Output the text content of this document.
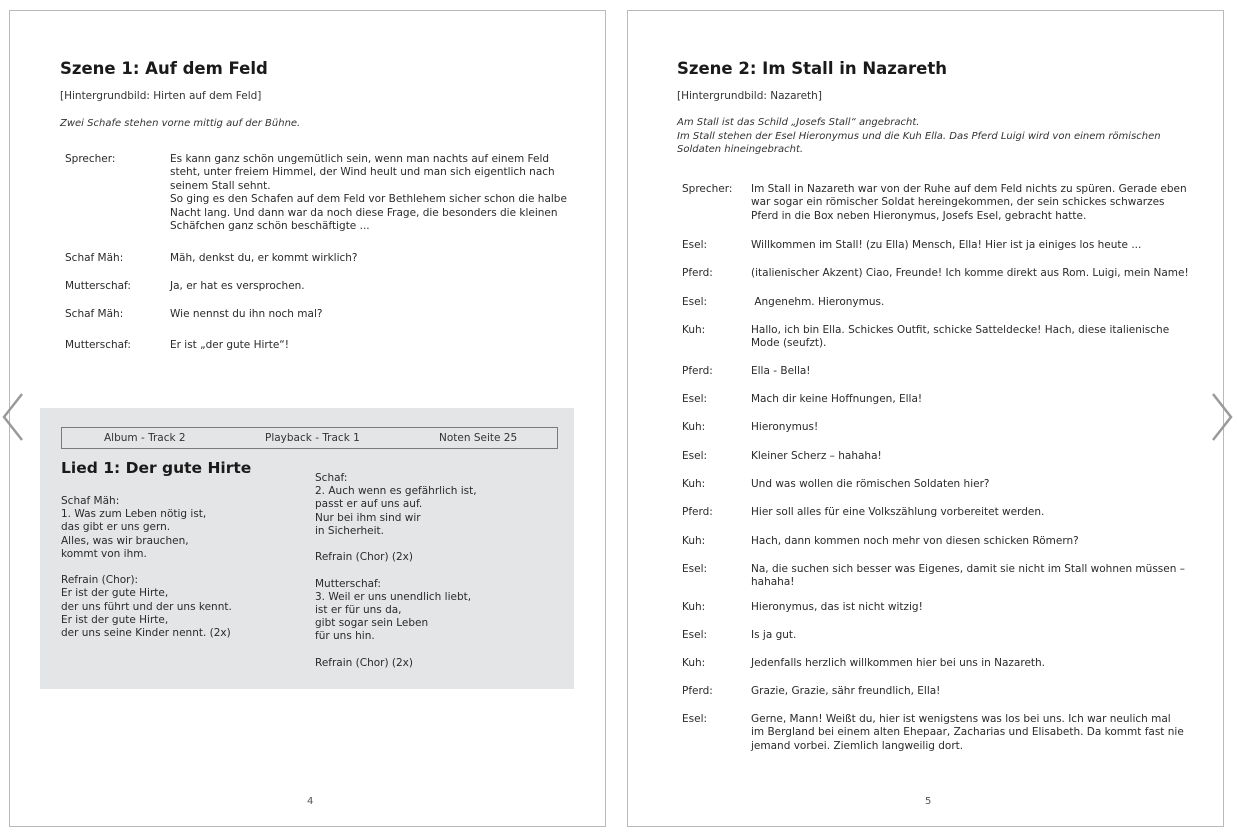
Szene 1: Auf dem Feld
[Hintergrundbild: Hirten auf dem Feld]
Zwei Schafe stehen vorne mittig auf der Bühne.
Sprecher:	Es kann ganz schön ungemütlich sein, wenn man nachts auf einem Feld
steht, unter freiem Himmel, der Wind heult und man sich eigentlich nach
seinem Stall sehnt.
So ging es den Schafen auf dem Feld vor Bethlehem sicher schon die halbe
Nacht lang. Und dann war da noch diese Frage, die besonders die kleinen
Schäfchen ganz schön beschäftigte ...
Schaf Mäh:	Mäh, denkst du, er kommt wirklich?
Mutterschaf:	Ja, er hat es versprochen.
Schaf Mäh:	Wie nennst du ihn noch mal?
Mutterschaf:	Er ist „der gute Hirte“!
Album - Track 2	Playback - Track 1	Noten Seite 25
Lied 1: Der gute Hirte
Schaf Mäh:
1. Was zum Leben nötig ist,
das gibt er uns gern.
Alles, was wir brauchen,
kommt von ihm.

Refrain (Chor):
Er ist der gute Hirte,
der uns führt und der uns kennt.
Er ist der gute Hirte,
der uns seine Kinder nennt. (2x)
Schaf:
2. Auch wenn es gefährlich ist,
passt er auf uns auf.
Nur bei ihm sind wir
in Sicherheit.

Refrain (Chor) (2x)

Mutterschaf:
3. Weil er uns unendlich liebt,
ist er für uns da,
gibt sogar sein Leben
für uns hin.

Refrain (Chor) (2x)
4
Szene 2: Im Stall in Nazareth
[Hintergrundbild: Nazareth]
Am Stall ist das Schild „Josefs Stall“ angebracht.
Im Stall stehen der Esel Hieronymus und die Kuh Ella. Das Pferd Luigi wird von einem römischen
Soldaten hineingebracht.
Sprecher: Im Stall in Nazareth war von der Ruhe auf dem Feld nichts zu spüren. Gerade eben
war sogar ein römischer Soldat hereingekommen, der sein schickes schwarzes
Pferd in die Box neben Hieronymus, Josefs Esel, gebracht hatte.
Esel:	Willkommen im Stall! (zu Ella) Mensch, Ella! Hier ist ja einiges los heute ...
Pferd:	(italienischer Akzent) Ciao, Freunde! Ich komme direkt aus Rom. Luigi, mein Name!
Esel:	Angenehm. Hieronymus.
Kuh:	Hallo, ich bin Ella. Schickes Outfit, schicke Satteldecke! Hach, diese italienische
Mode (seufzt).
Pferd:	Ella - Bella!
Esel:	Mach dir keine Hoffnungen, Ella!
Kuh:	Hieronymus!
Esel:	Kleiner Scherz – hahaha!
Kuh:	Und was wollen die römischen Soldaten hier?
Pferd:	Hier soll alles für eine Volkszählung vorbereitet werden.
Kuh:	Hach, dann kommen noch mehr von diesen schicken Römern?
Esel:	Na, die suchen sich besser was Eigenes, damit sie nicht im Stall wohnen müssen –
hahaha!
Kuh:	Hieronymus, das ist nicht witzig!
Esel:	Is ja gut.
Kuh:	Jedenfalls herzlich willkommen hier bei uns in Nazareth.
Pferd:	Grazie, Grazie, sähr freundlich, Ella!
Esel:	Gerne, Mann! Weißt du, hier ist wenigstens was los bei uns. Ich war neulich mal
im Bergland bei einem alten Ehepaar, Zacharias und Elisabeth. Da kommt fast nie
jemand vorbei. Ziemlich langweilig dort.
5
